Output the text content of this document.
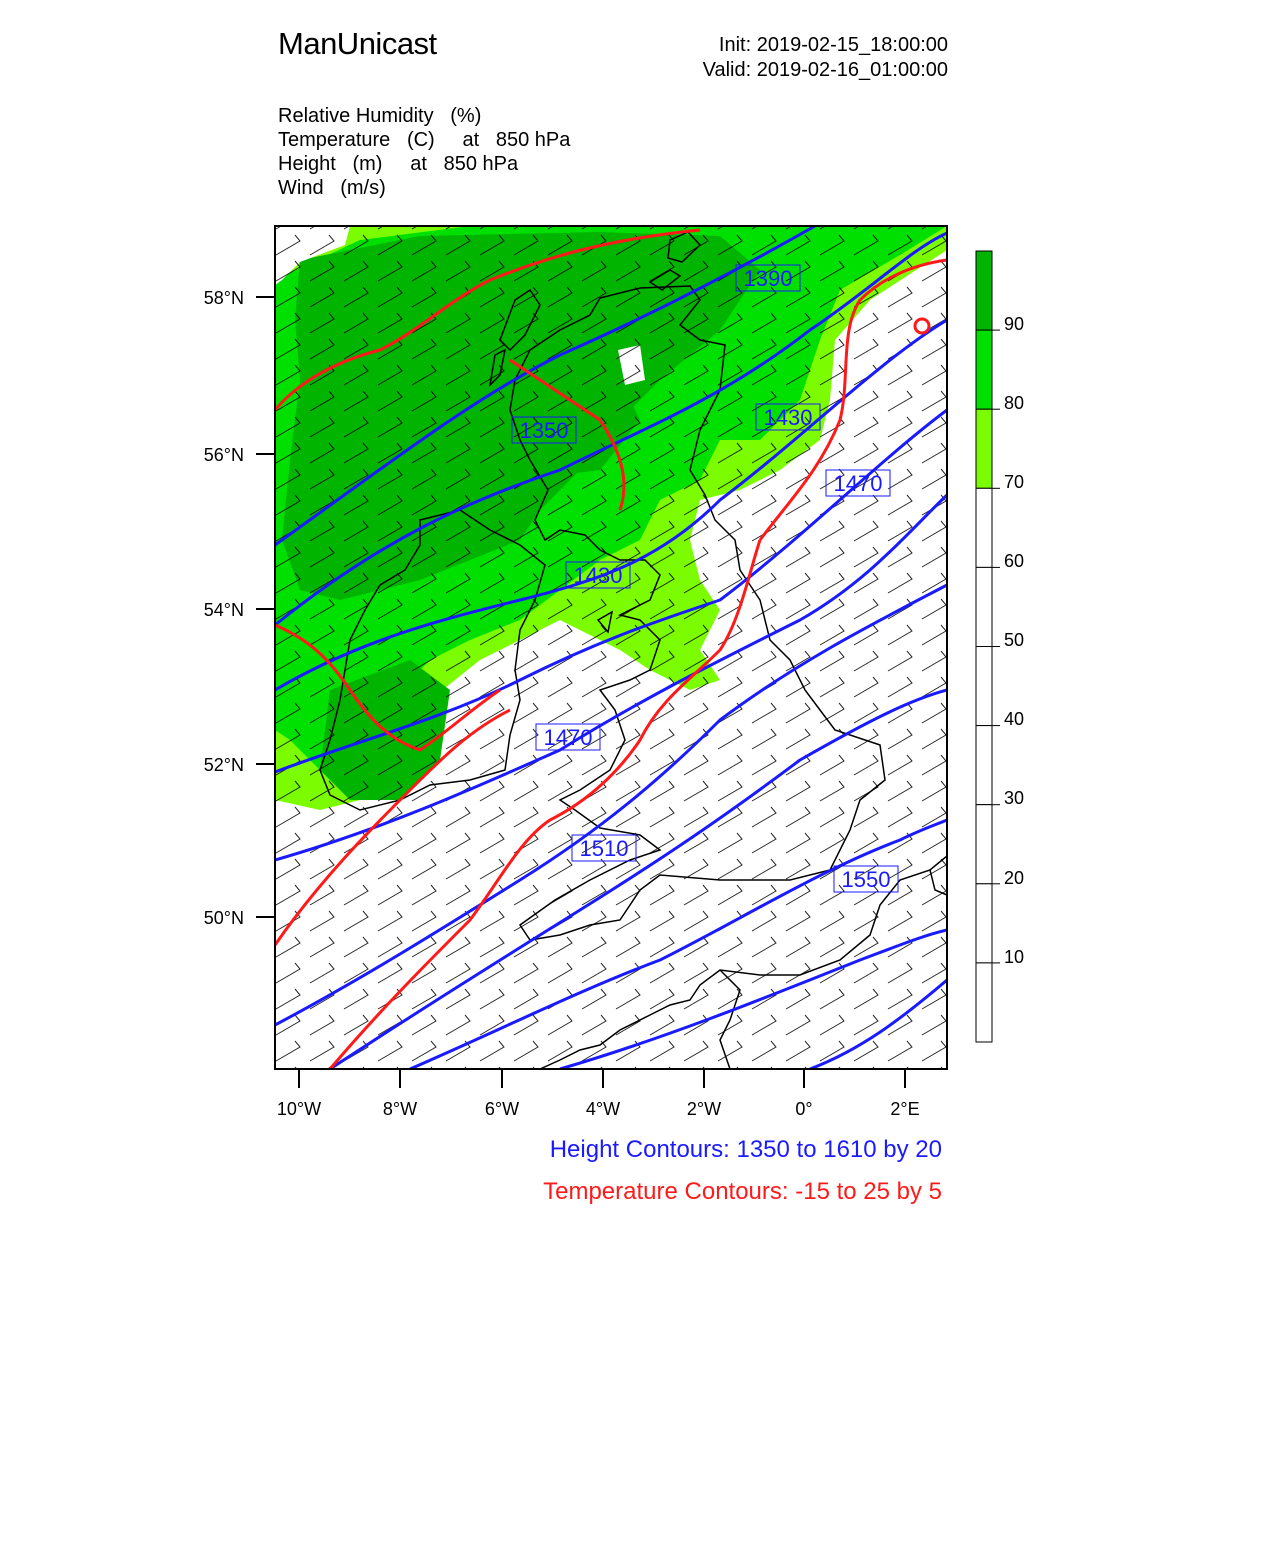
ManUnicast	Init: 2019-02-15_18:00:00
Valid: 2019-02-16_01:00:00
Relative Humidity   (%)
Temperature   (C)     at   850 hPa
Height   (m)     at   850 hPa
Wind   (m/s)
1390
1430
1470
1350
1430
1470
1510
1550
58°N
56°N
54°N
52°N
50°N
10°W	8°W	6°W	4°W	2°W	0°	2°E
90
80
70
60
50
40
30
20
10
Height Contours: 1350 to 1610 by 20
Temperature Contours: -15 to 25 by 5
